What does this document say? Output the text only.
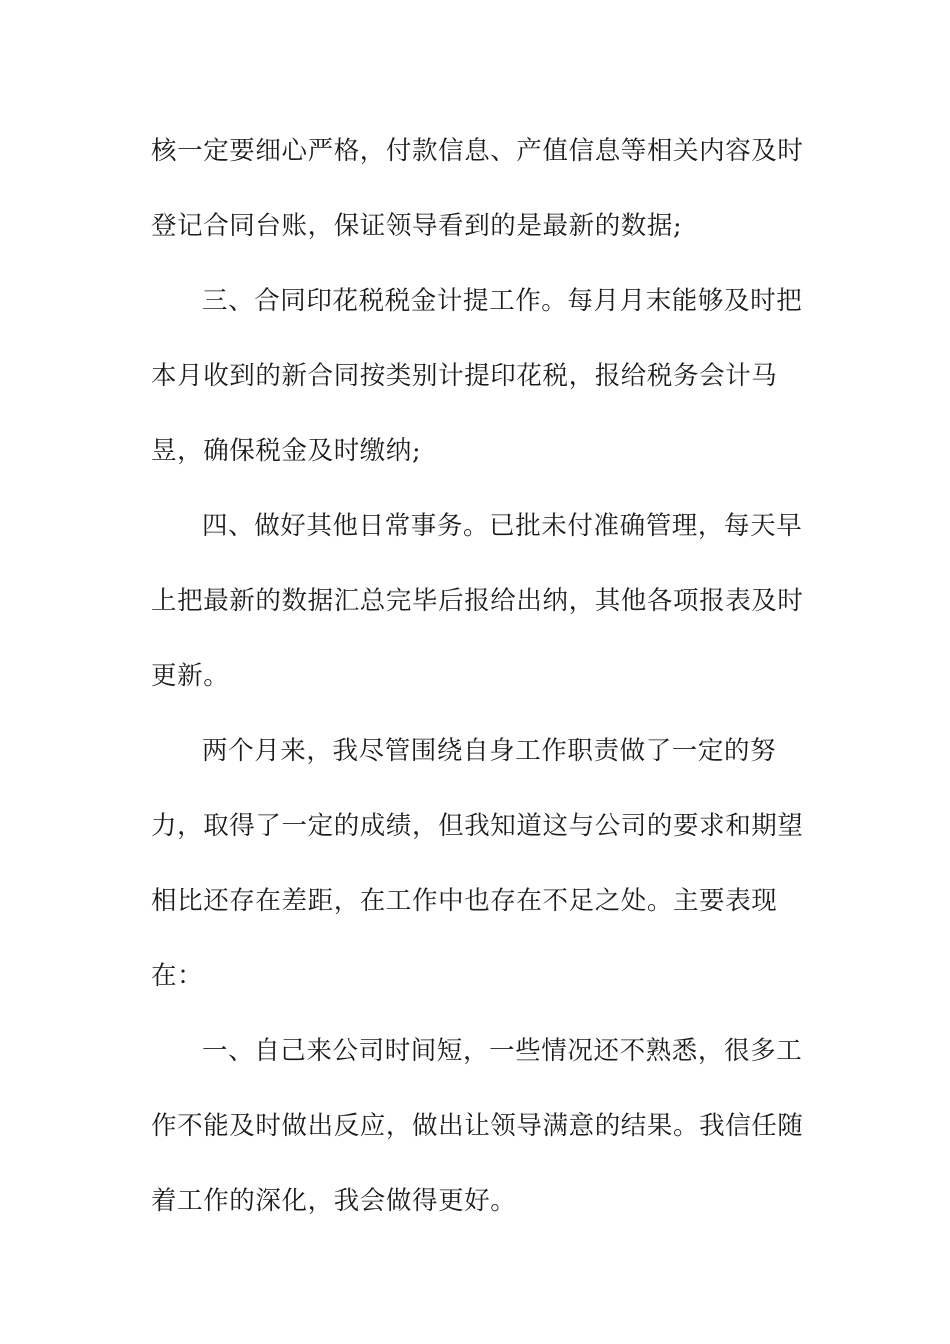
核一定要细心严格，付款信息、产值信息等相关内容及时
登记合同台账，保证领导看到的是最新的数据;
三、合同印花税税金计提工作。每月月末能够及时把
本月收到的新合同按类别计提印花税，报给税务会计马
昱，确保税金及时缴纳;
四、做好其他日常事务。已批未付准确管理，每天早
上把最新的数据汇总完毕后报给出纳，其他各项报表及时
更新。
两个月来，我尽管围绕自身工作职责做了一定的努
力，取得了一定的成绩，但我知道这与公司的要求和期望
相比还存在差距，在工作中也存在不足之处。主要表现
在：
一、自己来公司时间短，一些情况还不熟悉，很多工
作不能及时做出反应，做出让领导满意的结果。我信任随
着工作的深化，我会做得更好。
